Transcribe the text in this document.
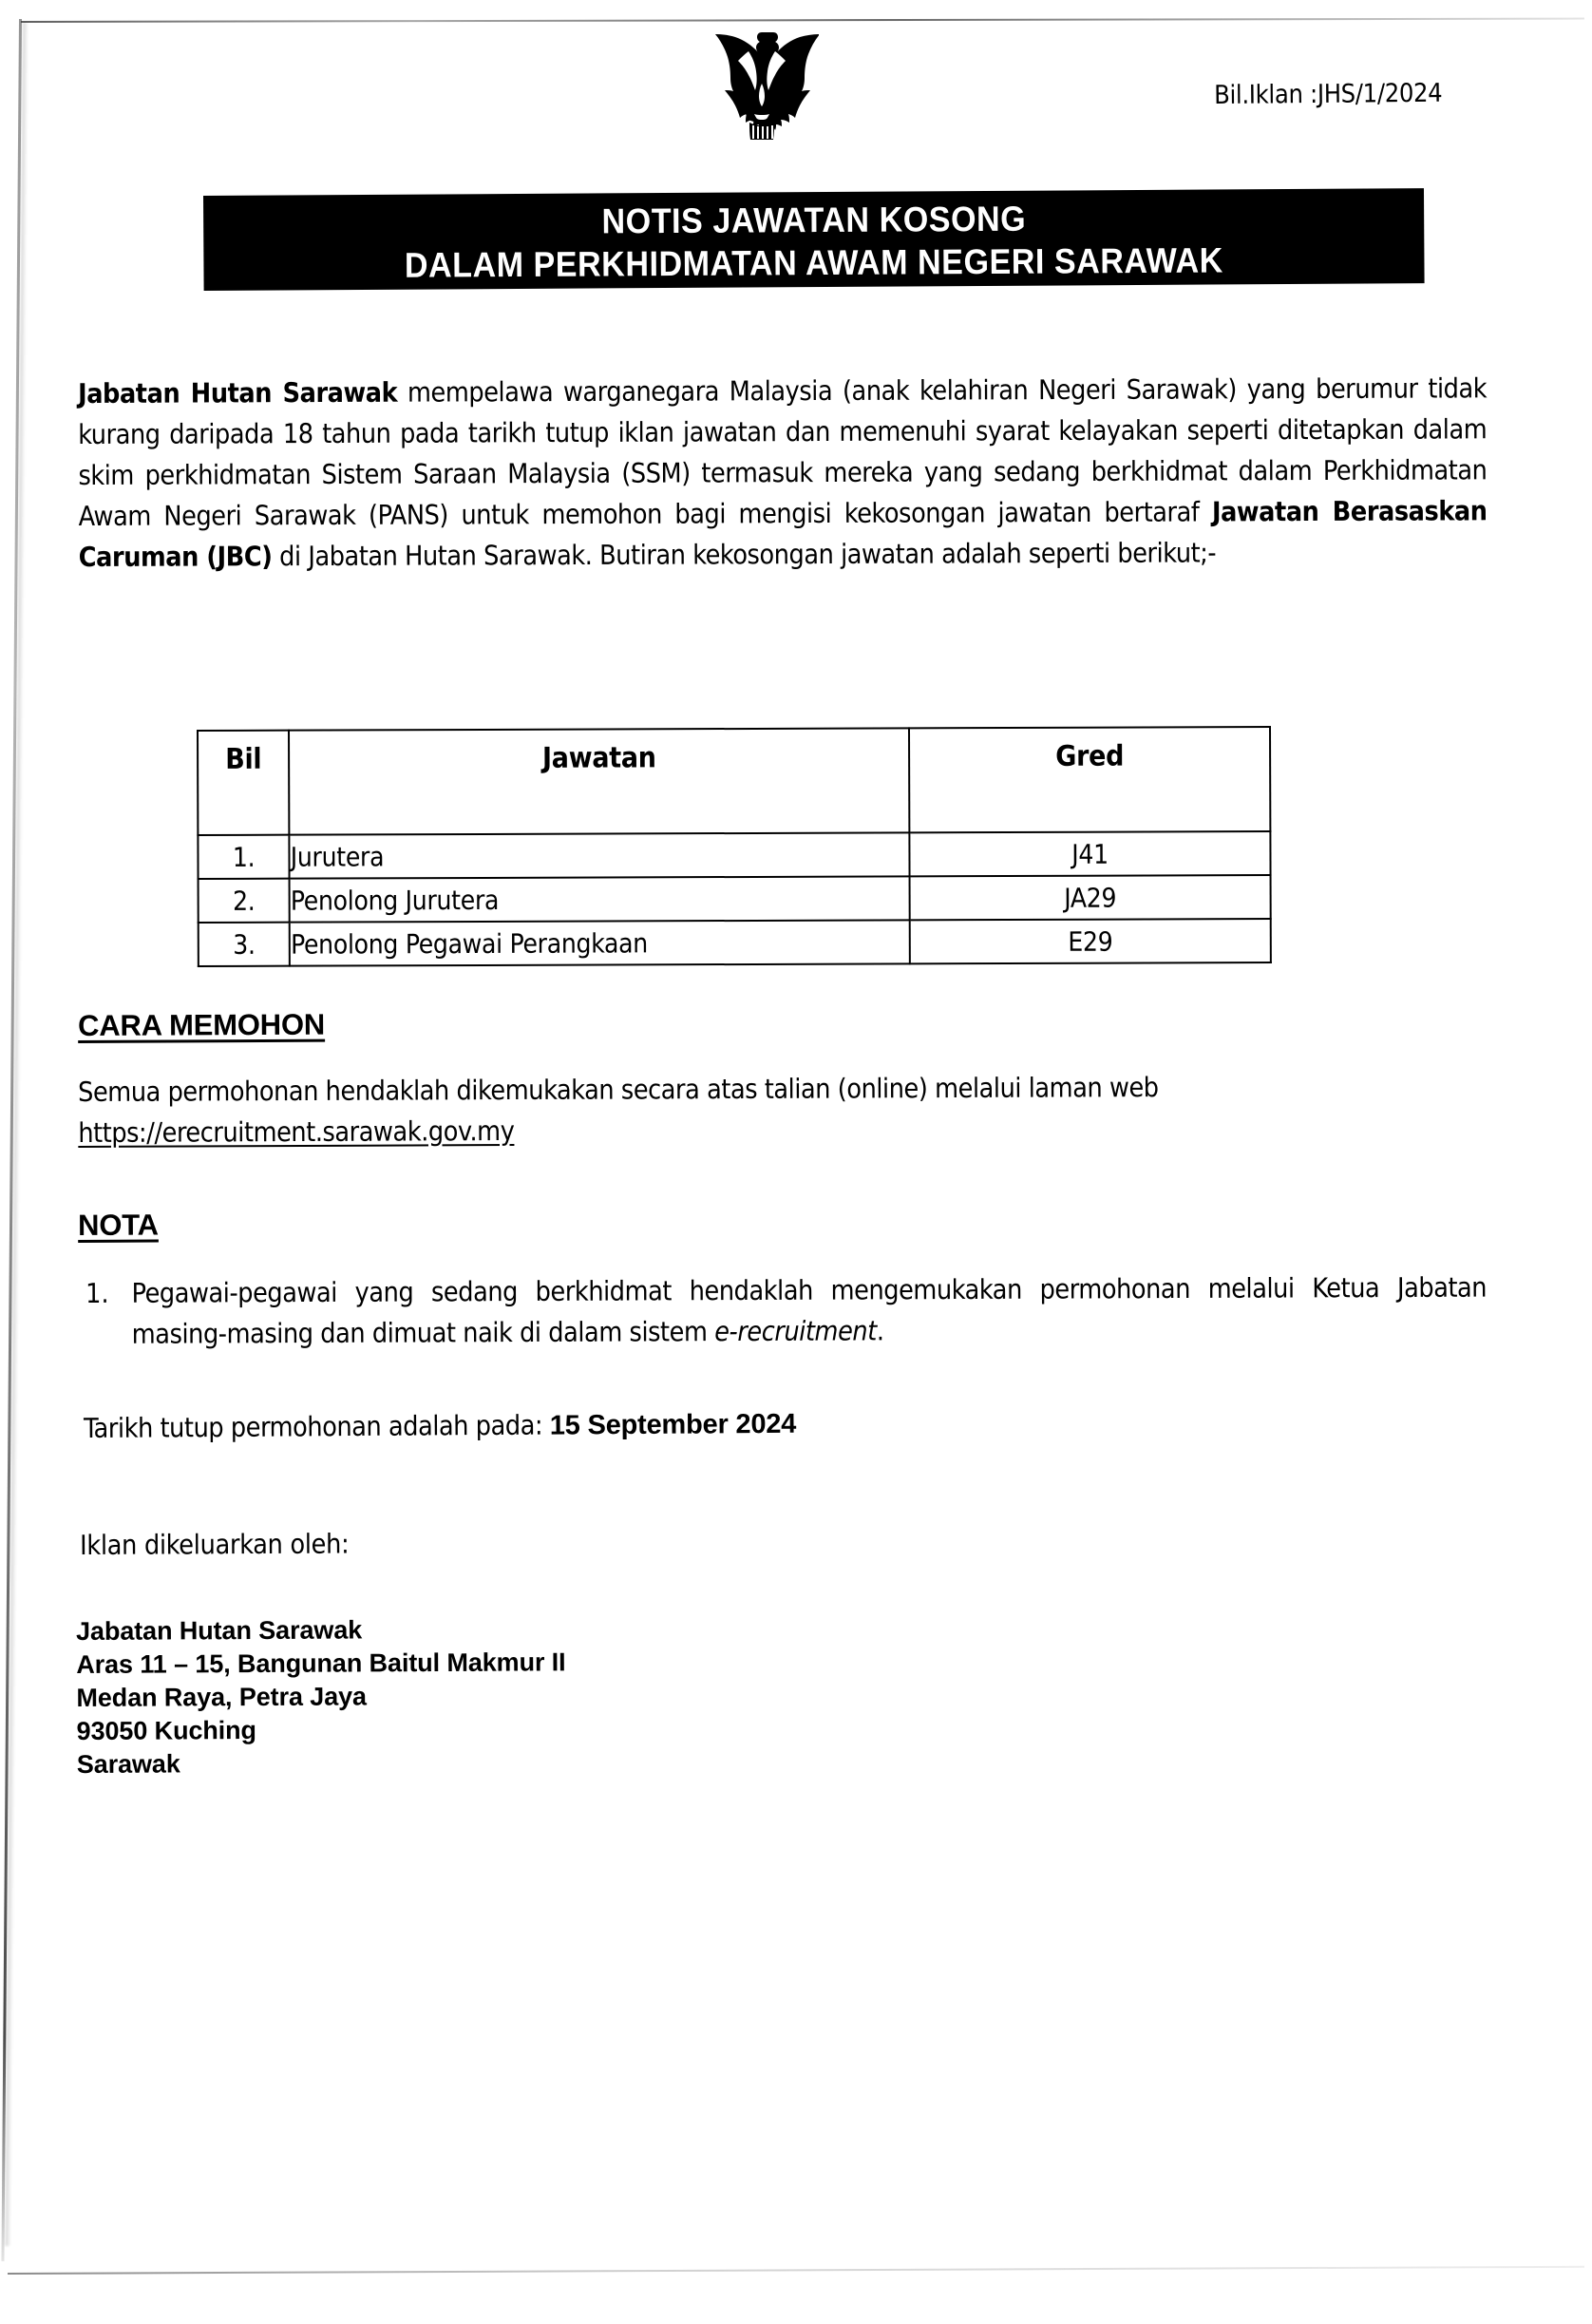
Bil.Iklan :JHS/1/2024
NOTIS JAWATAN KOSONG
DALAM PERKHIDMATAN AWAM NEGERI SARAWAK
Jabatan Hutan Sarawak mempelawa warganegara Malaysia (anak kelahiran Negeri Sarawak) yang berumur tidak kurang daripada 18 tahun pada tarikh tutup iklan jawatan dan memenuhi syarat kelayakan seperti ditetapkan dalam skim perkhidmatan Sistem Saraan Malaysia (SSM) termasuk mereka yang sedang berkhidmat dalam Perkhidmatan Awam Negeri Sarawak (PANS) untuk memohon bagi mengisi kekosongan jawatan bertaraf Jawatan Berasaskan Caruman (JBC) di Jabatan Hutan Sarawak. Butiran kekosongan jawatan adalah seperti berikut;-
Bil	Jawatan	Gred
1.	Jurutera	J41
2.	Penolong Jurutera	JA29
3.	Penolong Pegawai Perangkaan	E29
CARA MEMOHON
Semua permohonan hendaklah dikemukakan secara atas talian (online) melalui laman web
https://erecruitment.sarawak.gov.my
NOTA
1. Pegawai-pegawai yang sedang berkhidmat hendaklah mengemukakan permohonan melalui Ketua Jabatan masing-masing dan dimuat naik di dalam sistem e-recruitment.
Tarikh tutup permohonan adalah pada: 15 September 2024
Iklan dikeluarkan oleh:
Jabatan Hutan Sarawak
Aras 11 – 15, Bangunan Baitul Makmur II
Medan Raya, Petra Jaya
93050 Kuching
Sarawak
